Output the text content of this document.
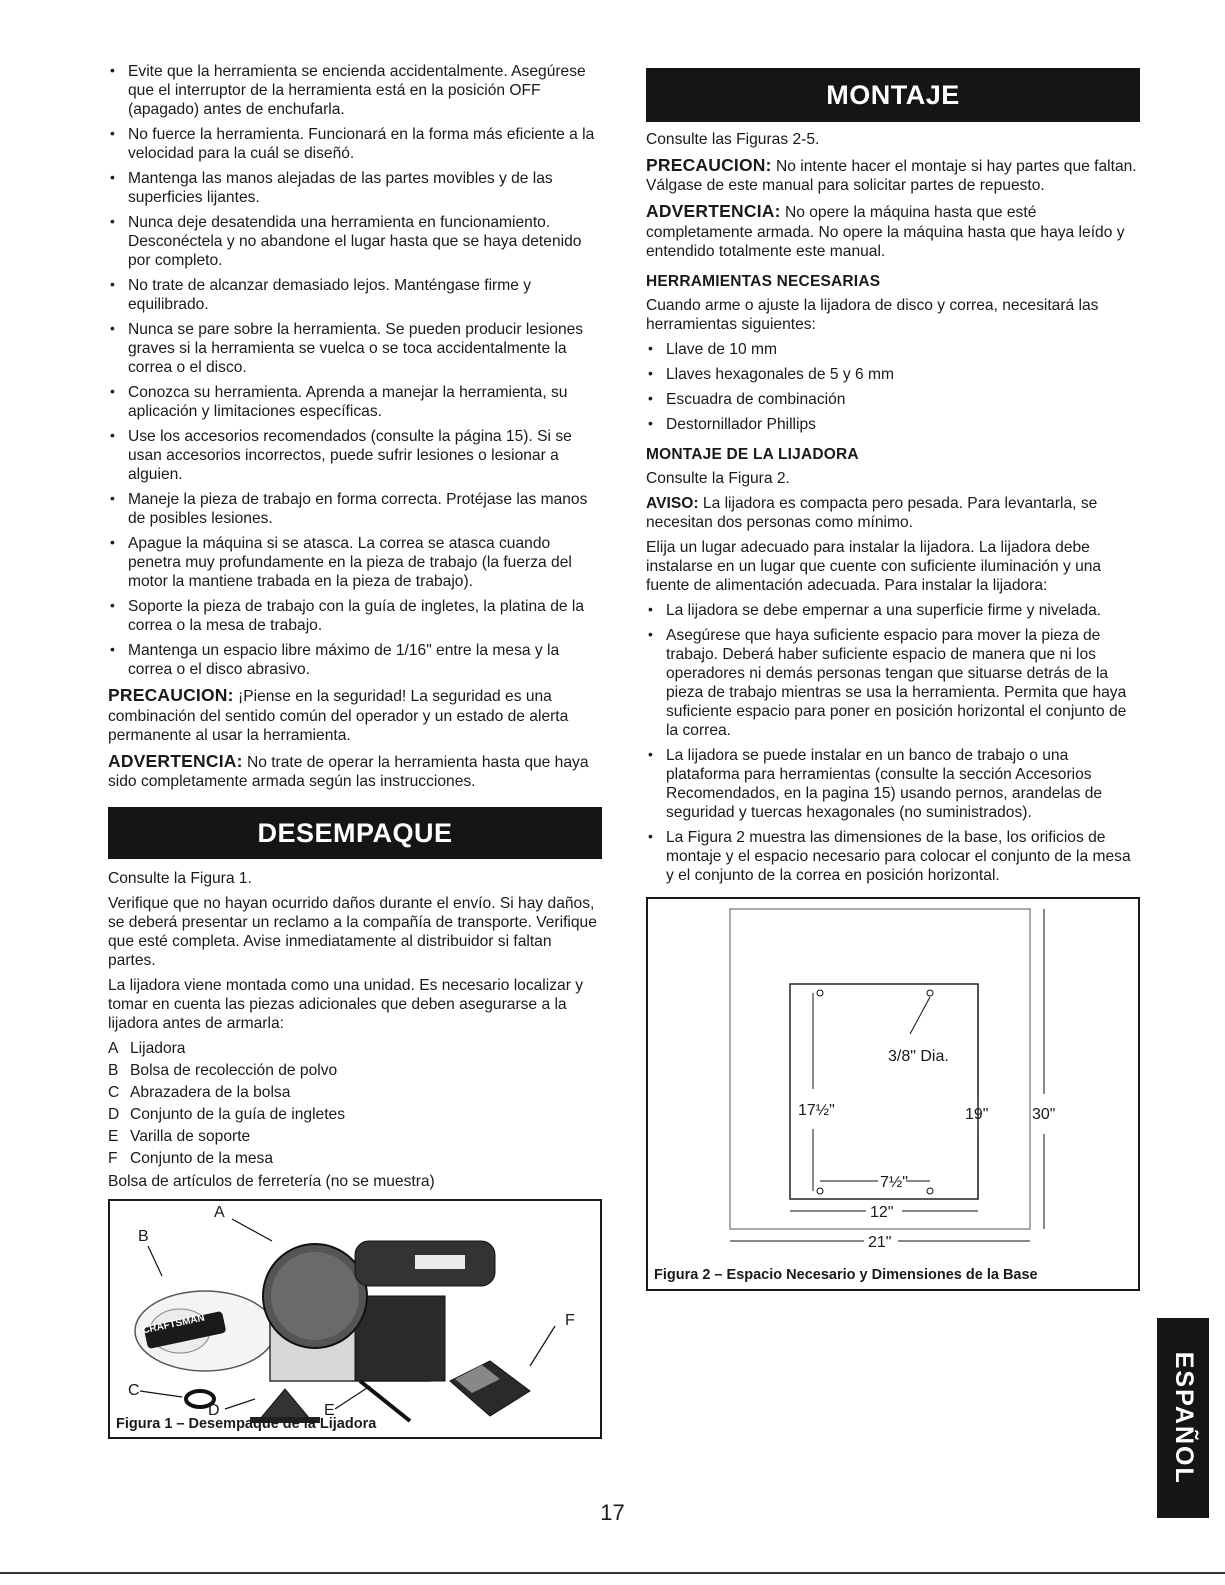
• Evite que la herramienta se encienda accidentalmente. Asegúrese que el interruptor de la herramienta está en la posición OFF (apagado) antes de enchufarla.
• No fuerce la herramienta. Funcionará en la forma más eficiente a la velocidad para la cuál se diseñó.
• Mantenga las manos alejadas de las partes movibles y de las superficies lijantes.
• Nunca deje desatendida una herramienta en funcionamiento. Desconéctela y no abandone el lugar hasta que se haya detenido por completo.
• No trate de alcanzar demasiado lejos. Manténgase firme y equilibrado.
• Nunca se pare sobre la herramienta. Se pueden producir lesiones graves si la herramienta se vuelca o se toca accidentalmente la correa o el disco.
• Conozca su herramienta. Aprenda a manejar la herramienta, su aplicación y limitaciones específicas.
• Use los accesorios recomendados (consulte la página 15). Si se usan accesorios incorrectos, puede sufrir lesiones o lesionar a alguien.
• Maneje la pieza de trabajo en forma correcta. Protéjase las manos de posibles lesiones.
• Apague la máquina si se atasca. La correa se atasca cuando penetra muy profundamente en la pieza de trabajo (la fuerza del motor la mantiene trabada en la pieza de trabajo).
• Soporte la pieza de trabajo con la guía de ingletes, la platina de la correa o la mesa de trabajo.
• Mantenga un espacio libre máximo de 1/16" entre la mesa y la correa o el disco abrasivo.

PRECAUCION: ¡Piense en la seguridad! La seguridad es una combinación del sentido común del operador y un estado de alerta permanente al usar la herramienta.

ADVERTENCIA: No trate de operar la herramienta hasta que haya sido completamente armada según las instrucciones.

DESEMPAQUE

Consulte la Figura 1.

Verifique que no hayan ocurrido daños durante el envío. Si hay daños, se deberá presentar un reclamo a la compañía de transporte. Verifique que esté completa. Avise inmediatamente al distribuidor si faltan partes.

La lijadora viene montada como una unidad. Es necesario localizar y tomar en cuenta las piezas adicionales que deben asegurarse a la lijadora antes de armarla:

A Lijadora
B Bolsa de recolección de polvo
C Abrazadera de la bolsa
D Conjunto de la guía de ingletes
E Varilla de soporte
F Conjunto de la mesa

Bolsa de artículos de ferretería (no se muestra)

A
B
F
C
D	E
CRAFTSMAN
Figura 1 – Desempaque de la Lijadora
MONTAJE

Consulte las Figuras 2-5.

PRECAUCION: No intente hacer el montaje si hay partes que faltan. Válgase de este manual para solicitar partes de repuesto.

ADVERTENCIA: No opere la máquina hasta que esté completamente armada. No opere la máquina hasta que haya leído y entendido totalmente este manual.

HERRAMIENTAS NECESARIAS

Cuando arme o ajuste la lijadora de disco y correa, necesitará las herramientas siguientes:

• Llave de 10 mm
• Llaves hexagonales de 5 y 6 mm
• Escuadra de combinación
• Destornillador Phillips
MONTAJE DE LA LIJADORA

Consulte la Figura 2.

AVISO: La lijadora es compacta pero pesada. Para levantarla, se necesitan dos personas como mínimo.

Elija un lugar adecuado para instalar la lijadora. La lijadora debe instalarse en un lugar que cuente con suficiente iluminación y una fuente de alimentación adecuada. Para instalar la lijadora:

• La lijadora se debe empernar a una superficie firme y nivelada.
• Asegúrese que haya suficiente espacio para mover la pieza de trabajo. Deberá haber suficiente espacio de manera que ni los operadores ni demás personas tengan que situarse detrás de la pieza de trabajo mientras se usa la herramienta. Permita que haya suficiente espacio para poner en posición horizontal el conjunto de la correa.
• La lijadora se puede instalar en un banco de trabajo o una plataforma para herramientas (consulte la sección Accesorios Recomendados, en la pagina 15) usando pernos, arandelas de seguridad y tuercas hexagonales (no suministrados).
• La Figura 2 muestra las dimensiones de la base, los orificios de montaje y el espacio necesario para colocar el conjunto de la mesa y el conjunto de la correa en posición horizontal.
3/8" Dia.
17½"	19"	30"
7½"
12"
21"
Figura 2 – Espacio Necesario y Dimensiones de la Base
17
ESPAÑOL
